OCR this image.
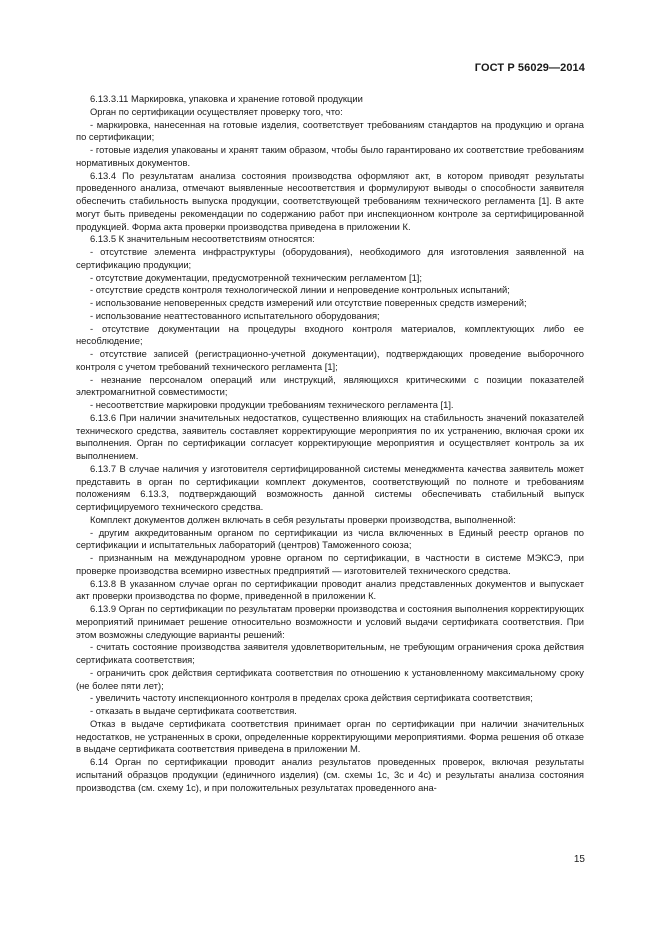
ГОСТ Р 56029—2014

6.13.3.11 Маркировка, упаковка и хранение готовой продукции

Орган по сертификации осуществляет проверку того, что:

- маркировка, нанесенная на готовые изделия, соответствует требованиям стандартов на продукцию и органа по сертификации;

- готовые изделия упакованы и хранят таким образом, чтобы было гарантировано их соответствие требованиям нормативных документов.

6.13.4 По результатам анализа состояния производства оформляют акт, в котором приводят результаты проведенного анализа, отмечают выявленные несоответствия и формулируют выводы о способности заявителя обеспечить стабильность выпуска продукции, соответствующей требованиям технического регламента [1]. В акте могут быть приведены рекомендации по содержанию работ при инспекционном контроле за сертифицированной продукцией. Форма акта проверки производства приведена в приложении К.

6.13.5 К значительным несоответствиям относятся:

- отсутствие элемента инфраструктуры (оборудования), необходимого для изготовления заявленной на сертификацию продукции;

- отсутствие документации, предусмотренной техническим регламентом [1];

- отсутствие средств контроля технологической линии и непроведение контрольных испытаний;

- использование неповеренных средств измерений или отсутствие поверенных средств измерений;

- использование неаттестованного испытательного оборудования;

- отсутствие документации на процедуры входного контроля материалов, комплектующих либо ее несоблюдение;

- отсутствие записей (регистрационно-учетной документации), подтверждающих проведение выборочного контроля с учетом требований технического регламента [1];

- незнание персоналом операций или инструкций, являющихся критическими с позиции показателей электромагнитной совместимости;

- несоответствие маркировки продукции требованиям технического регламента [1].

6.13.6 При наличии значительных недостатков, существенно влияющих на стабильность значений показателей технического средства, заявитель составляет корректирующие мероприятия по их устранению, включая сроки их выполнения. Орган по сертификации согласует корректирующие мероприятия и осуществляет контроль за их выполнением.

6.13.7 В случае наличия у изготовителя сертифицированной системы менеджмента качества заявитель может представить в орган по сертификации комплект документов, соответствующий по полноте и требованиям положениям 6.13.3, подтверждающий возможность данной системы обеспечивать стабильный выпуск сертифицируемого технического средства.

Комплект документов должен включать в себя результаты проверки производства, выполненной:

- другим аккредитованным органом по сертификации из числа включенных в Единый реестр органов по сертификации и испытательных лабораторий (центров) Таможенного союза;

- признанным на международном уровне органом по сертификации, в частности в системе МЭКСЭ, при проверке производства всемирно известных предприятий — изготовителей технического средства.

6.13.8 В указанном случае орган по сертификации проводит анализ представленных документов и выпускает акт проверки производства по форме, приведенной в приложении К.

6.13.9 Орган по сертификации по результатам проверки производства и состояния выполнения корректирующих мероприятий принимает решение относительно возможности и условий выдачи сертификата соответствия. При этом возможны следующие варианты решений:

- считать состояние производства заявителя удовлетворительным, не требующим ограничения срока действия сертификата соответствия;

- ограничить срок действия сертификата соответствия по отношению к установленному максимальному сроку (не более пяти лет);

- увеличить частоту инспекционного контроля в пределах срока действия сертификата соответствия;

- отказать в выдаче сертификата соответствия.

Отказ в выдаче сертификата соответствия принимает орган по сертификации при наличии значительных недостатков, не устраненных в сроки, определенные корректирующими мероприятиями. Форма решения об отказе в выдаче сертификата соответствия приведена в приложении М.

6.14 Орган по сертификации проводит анализ результатов проведенных проверок, включая результаты испытаний образцов продукции (единичного изделия) (см. схемы 1с, 3с и 4с) и результаты анализа состояния производства (см. схему 1с), и при положительных результатах проведенного ана-

15
